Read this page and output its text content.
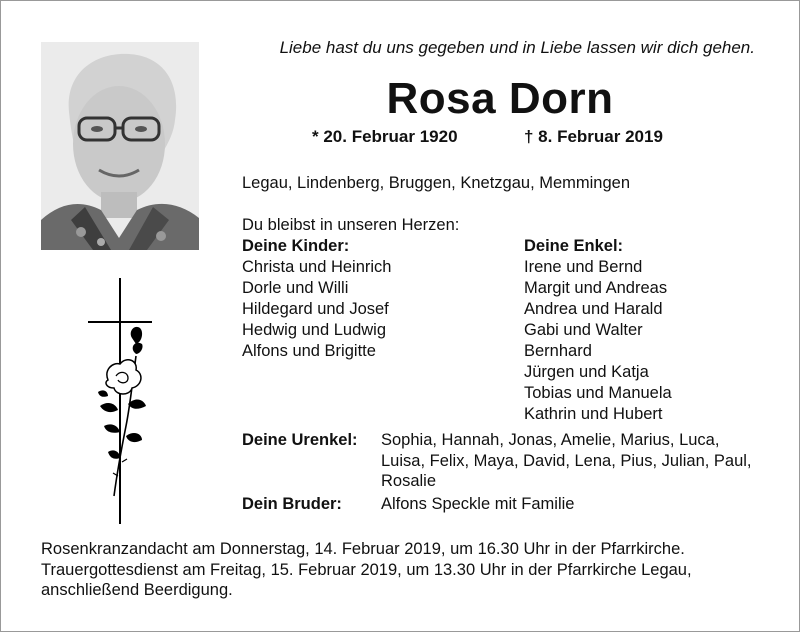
Liebe hast du uns gegeben und in Liebe lassen wir dich gehen.
Rosa Dorn
* 20. Februar 1920	† 8. Februar 2019
Legau, Lindenberg, Bruggen, Knetzgau, Memmingen
Du bleibst in unseren Herzen:
Deine Kinder:
Christa und Heinrich
Dorle und Willi
Hildegard und Josef
Hedwig und Ludwig
Alfons und Brigitte
Deine Enkel:
Irene und Bernd
Margit und Andreas
Andrea und Harald
Gabi und Walter
Bernhard
Jürgen und Katja
Tobias und Manuela
Kathrin und Hubert
Deine Urenkel: Sophia, Hannah, Jonas, Amelie, Marius, Luca, Luisa, Felix, Maya, David, Lena, Pius, Julian, Paul, Rosalie
Dein Bruder: Alfons Speckle mit Familie
Rosenkranzandacht am Donnerstag, 14. Februar 2019, um 16.30 Uhr in der Pfarrkirche.
Trauergottesdienst am Freitag, 15. Februar 2019, um 13.30 Uhr in der Pfarrkirche Legau,
anschließend Beerdigung.
